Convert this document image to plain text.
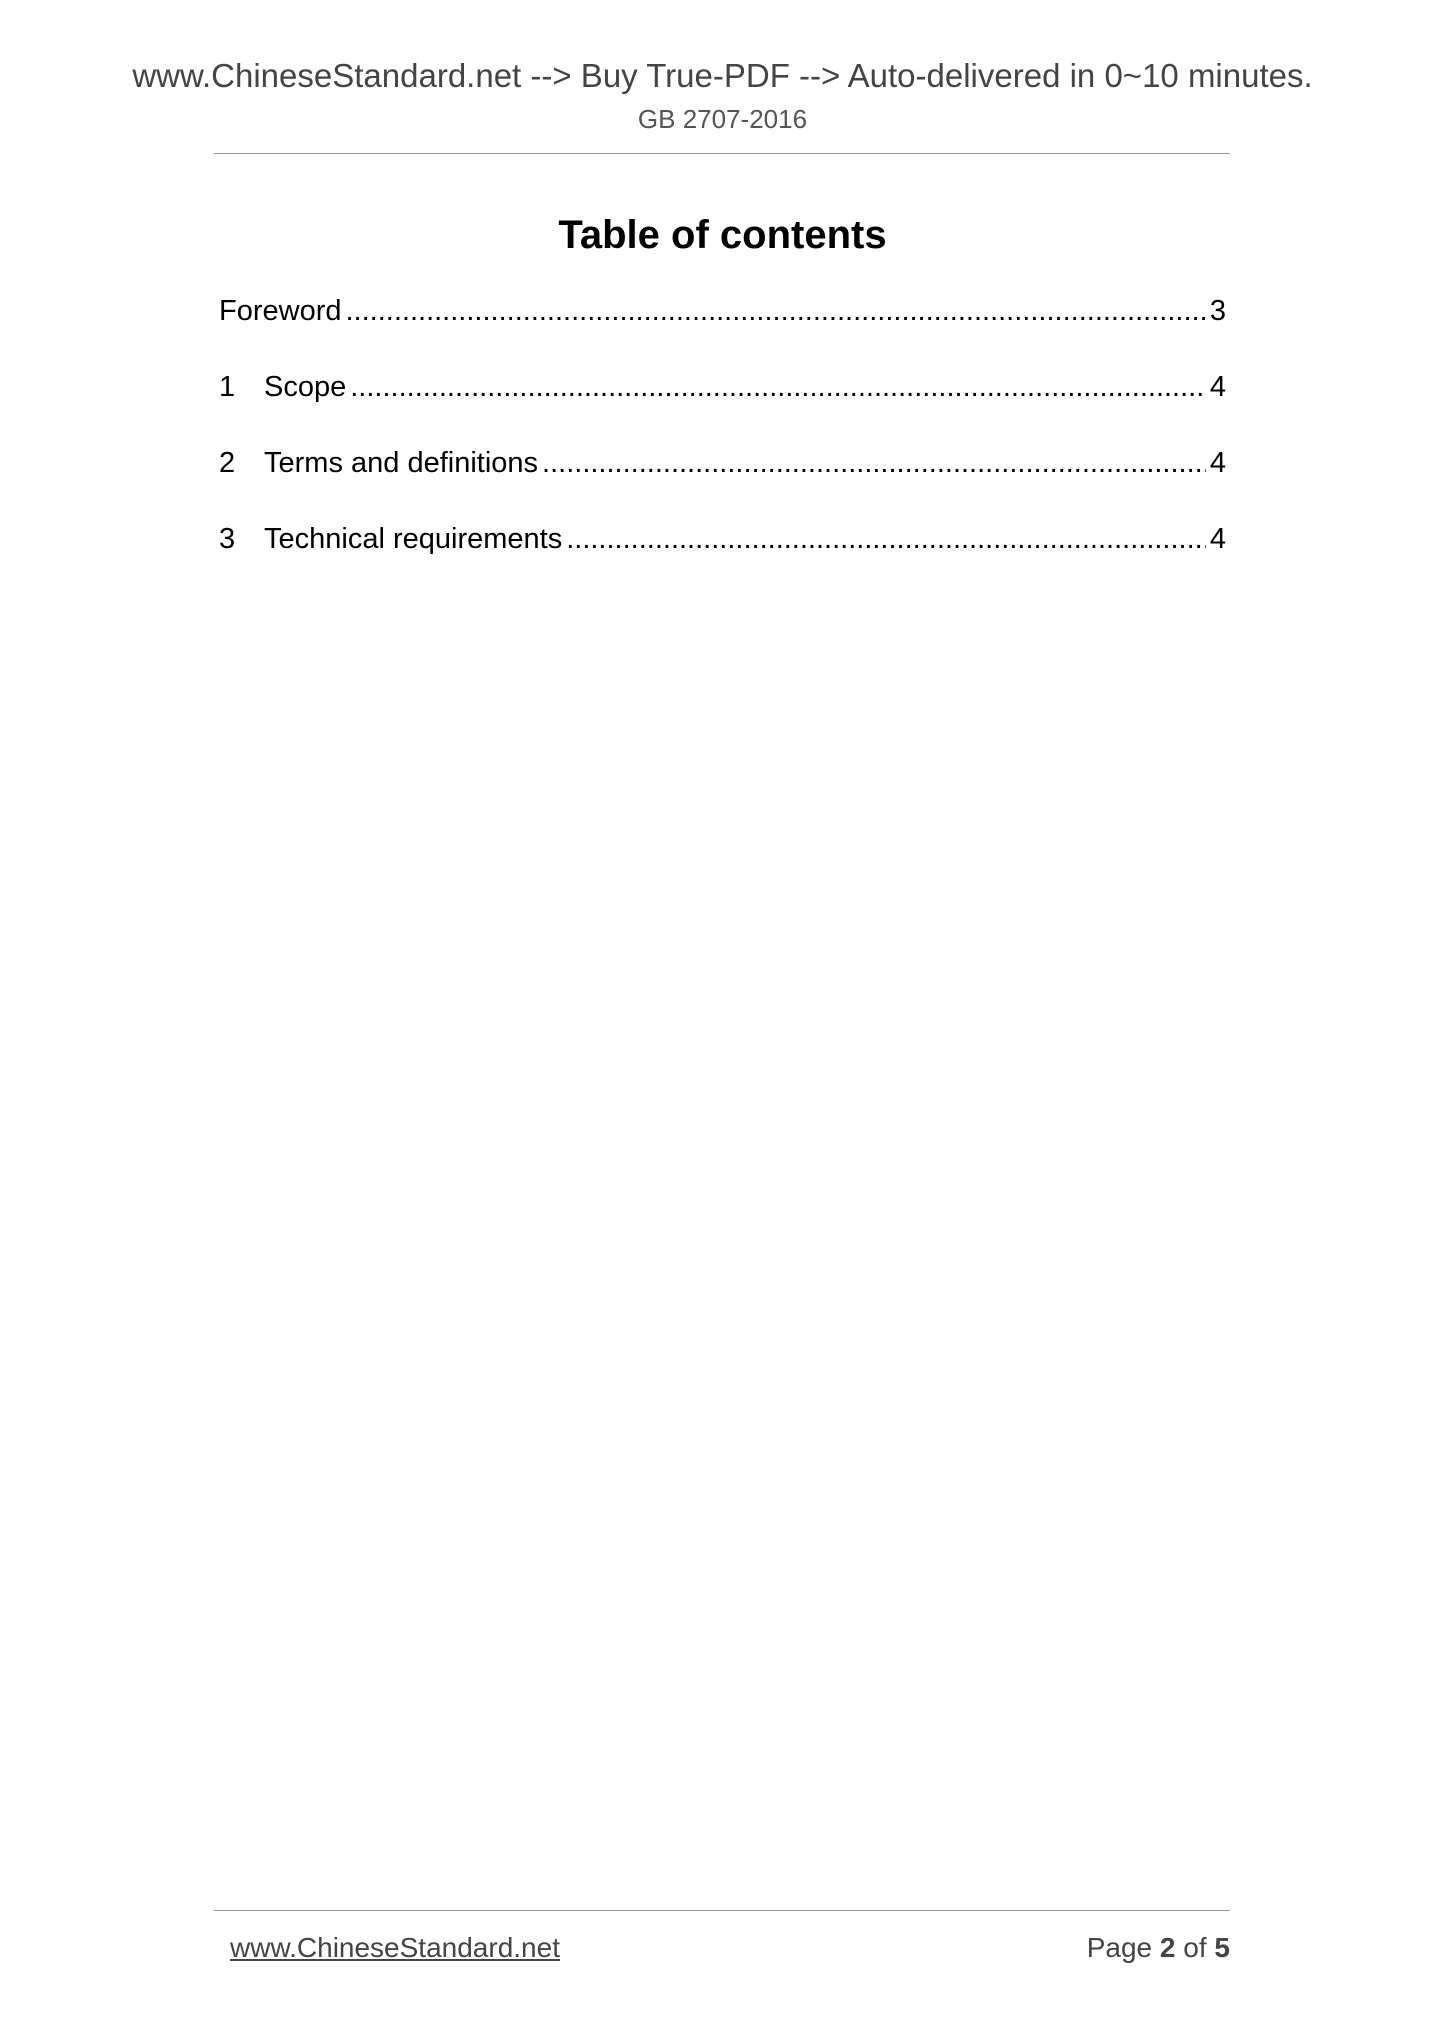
www.ChineseStandard.net --> Buy True-PDF --> Auto-delivered in 0~10 minutes.
GB 2707-2016
Table of contents
Foreword .....	3
1 Scope .....	4
2 Terms and definitions .....	4
3 Technical requirements .....	4
www.ChineseStandard.net	Page 2 of 5
